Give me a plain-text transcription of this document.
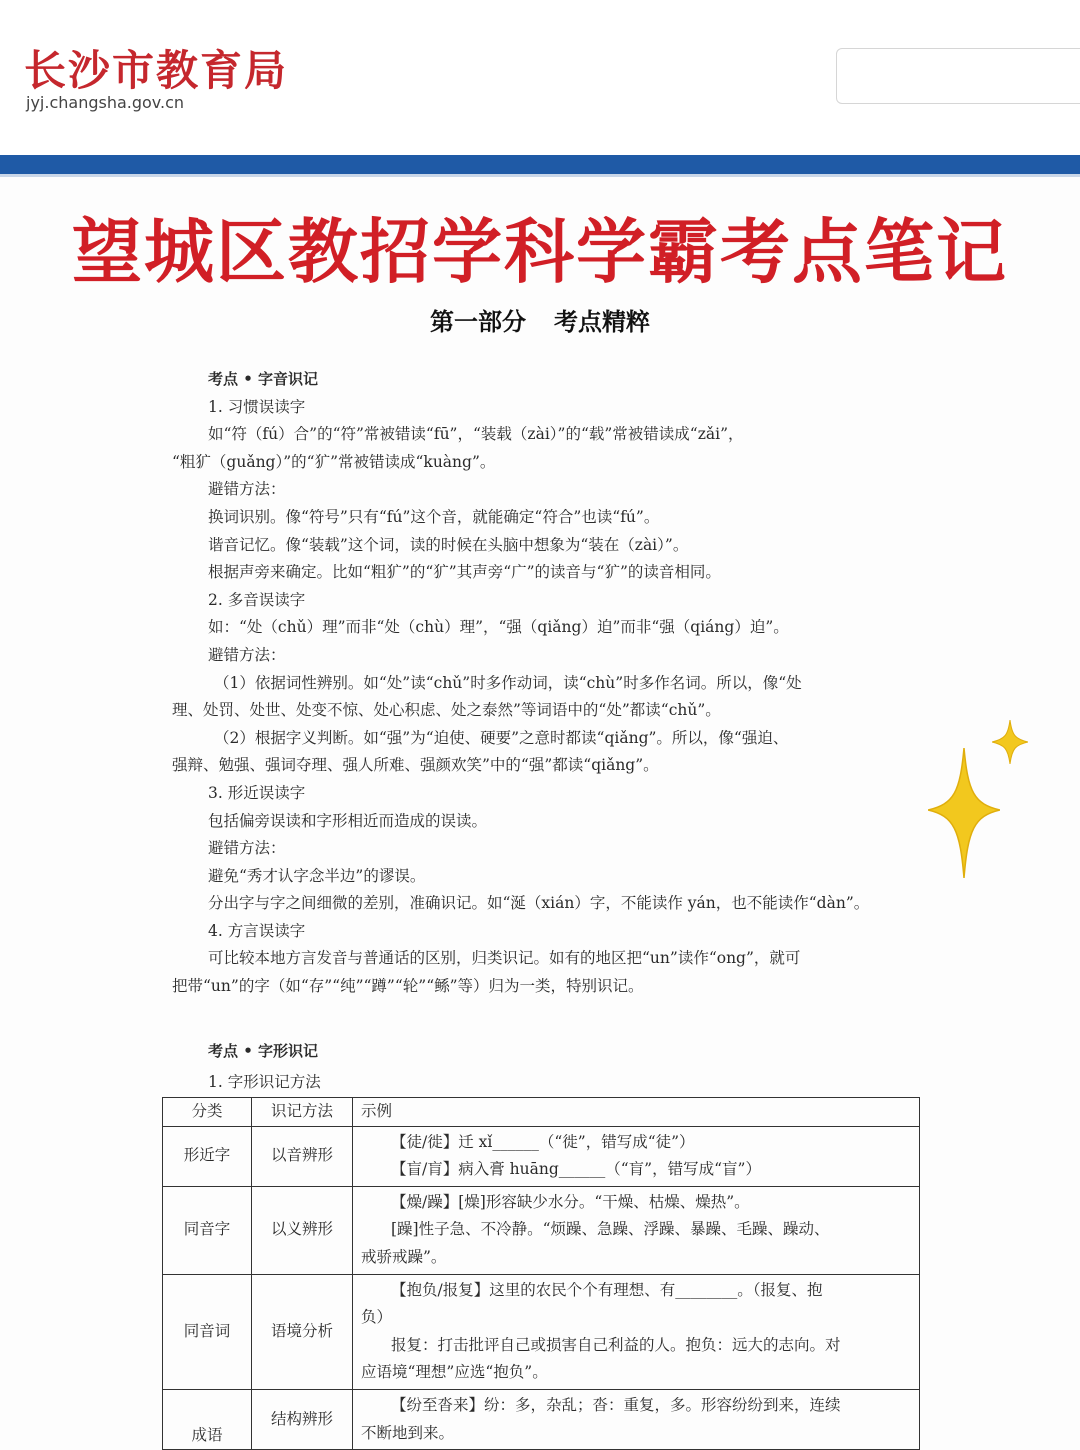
长沙市教育局
jyj.changsha.gov.cn
望城区教招学科学霸考点笔记
第一部分 考点精粹

考点 • 字音识记

1. 习惯误读字

如“符（fú）合”的“符”常被错读“fū”，“装载（zài）”的“载”常被错读成“zǎi”，

“粗犷（guǎng）”的“犷”常被错读成“kuàng”。

避错方法：

换词识别。像“符号”只有“fú”这个音，就能确定“符合”也读“fú”。

谐音记忆。像“装载”这个词，读的时候在头脑中想象为“装在（zài）”。

根据声旁来确定。比如“粗犷”的“犷”其声旁“广”的读音与“犷”的读音相同。

2. 多音误读字

如：“处（chǔ）理”而非“处（chù）理”，“强（qiǎng）迫”而非“强（qiáng）迫”。

避错方法：

（1）依据词性辨别。如“处”读“chǔ”时多作动词，读“chù”时多作名词。所以，像“处

理、处罚、处世、处变不惊、处心积虑、处之泰然”等词语中的“处”都读“chǔ”。

（2）根据字义判断。如“强”为“迫使、硬要”之意时都读“qiǎng”。所以，像“强迫、

强辩、勉强、强词夺理、强人所难、强颜欢笑”中的“强”都读“qiǎng”。

3. 形近误读字

包括偏旁误读和字形相近而造成的误读。

避错方法：

避免“秀才认字念半边”的谬误。

分出字与字之间细微的差别，准确识记。如“涎（xián）字，不能读作 yán，也不能读作“dàn”。

4. 方言误读字

可比较本地方言发音与普通话的区别，归类识记。如有的地区把“un”读作“ong”，就可

把带“un”的字（如“存”“纯”“蹲”“轮”“鲧”等）归为一类，特别识记。

考点 • 字形识记
1. 字形识记方法
分类	识记方法	示例
形近字	以音辨形	【徒/徙】迁 xǐ______（“徙”，错写成“徒”）

【盲/肓】病入膏 huāng______（“肓”，错写成“盲”）

同音字	以义辨形	【燥/躁】[燥]形容缺少水分。“干燥、枯燥、燥热”。

[躁]性子急、不冷静。“烦躁、急躁、浮躁、暴躁、毛躁、躁动、

戒骄戒躁”。

同音词	语境分析	【抱负/报复】这里的农民个个有理想、有________。（报复、抱

负）

报复：打击批评自己或损害自己利益的人。抱负：远大的志向。对

应语境“理想”应选“抱负”。

成语	结构辨形	【纷至沓来】纷：多，杂乱；沓：重复，多。形容纷纷到来，连续

不断地到来。
